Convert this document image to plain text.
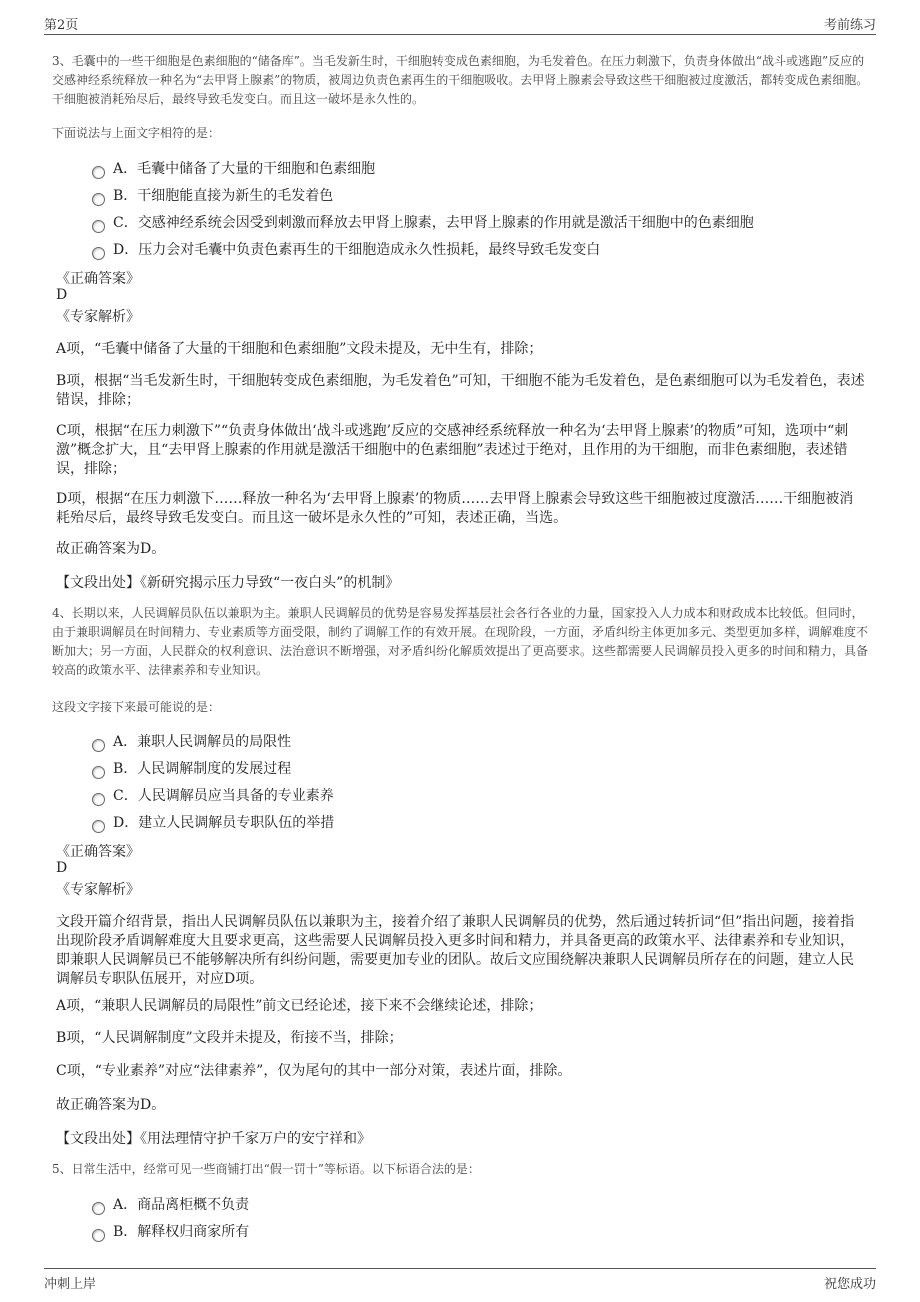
第2页	考前练习
3、毛囊中的一些干细胞是色素细胞的“储备库”。当毛发新生时，干细胞转变成色素细胞，为毛发着色。在压力刺激下，负责身体做出“战斗或逃跑”反应的交感神经系统释放一种名为“去甲肾上腺素”的物质，被周边负责色素再生的干细胞吸收。去甲肾上腺素会导致这些干细胞被过度激活，都转变成色素细胞。干细胞被消耗殆尽后，最终导致毛发变白。而且这一破坏是永久性的。
下面说法与上面文字相符的是：
A．毛囊中储备了大量的干细胞和色素细胞
B．干细胞能直接为新生的毛发着色
C．交感神经系统会因受到刺激而释放去甲肾上腺素，去甲肾上腺素的作用就是激活干细胞中的色素细胞
D．压力会对毛囊中负责色素再生的干细胞造成永久性损耗，最终导致毛发变白
《正确答案》
D
《专家解析》
A项，“毛囊中储备了大量的干细胞和色素细胞”文段未提及，无中生有，排除；
B项，根据“当毛发新生时，干细胞转变成色素细胞，为毛发着色”可知，干细胞不能为毛发着色，是色素细胞可以为毛发着色，表述错误，排除；
C项，根据“在压力刺激下”“负责身体做出‘战斗或逃跑’反应的交感神经系统释放一种名为‘去甲肾上腺素’的物质”可知，选项中“刺激”概念扩大，且“去甲肾上腺素的作用就是激活干细胞中的色素细胞”表述过于绝对，且作用的为干细胞，而非色素细胞，表述错误，排除；
D项，根据“在压力刺激下……释放一种名为‘去甲肾上腺素’的物质……去甲肾上腺素会导致这些干细胞被过度激活……干细胞被消耗殆尽后，最终导致毛发变白。而且这一破坏是永久性的”可知，表述正确，当选。
故正确答案为D。
【文段出处】《新研究揭示压力导致“一夜白头”的机制》
4、长期以来，人民调解员队伍以兼职为主。兼职人民调解员的优势是容易发挥基层社会各行各业的力量，国家投入人力成本和财政成本比较低。但同时，由于兼职调解员在时间精力、专业素质等方面受限，制约了调解工作的有效开展。在现阶段，一方面，矛盾纠纷主体更加多元、类型更加多样，调解难度不断加大；另一方面，人民群众的权利意识、法治意识不断增强，对矛盾纠纷化解质效提出了更高要求。这些都需要人民调解员投入更多的时间和精力，具备较高的政策水平、法律素养和专业知识。
这段文字接下来最可能说的是：
A．兼职人民调解员的局限性
B．人民调解制度的发展过程
C．人民调解员应当具备的专业素养
D．建立人民调解员专职队伍的举措
《正确答案》
D
《专家解析》
文段开篇介绍背景，指出人民调解员队伍以兼职为主，接着介绍了兼职人民调解员的优势，然后通过转折词“但”指出问题，接着指出现阶段矛盾调解难度大且要求更高，这些需要人民调解员投入更多时间和精力，并具备更高的政策水平、法律素养和专业知识，即兼职人民调解员已不能够解决所有纠纷问题，需要更加专业的团队。故后文应围绕解决兼职人民调解员所存在的问题，建立人民调解员专职队伍展开，对应D项。
A项，“兼职人民调解员的局限性”前文已经论述，接下来不会继续论述，排除；
B项，“人民调解制度”文段并未提及，衔接不当，排除；
C项，“专业素养”对应“法律素养”，仅为尾句的其中一部分对策，表述片面，排除。
故正确答案为D。
【文段出处】《用法理情守护千家万户的安宁祥和》
5、日常生活中，经常可见一些商铺打出“假一罚十”等标语。以下标语合法的是：
A．商品离柜概不负责
B．解释权归商家所有
冲刺上岸	祝您成功
